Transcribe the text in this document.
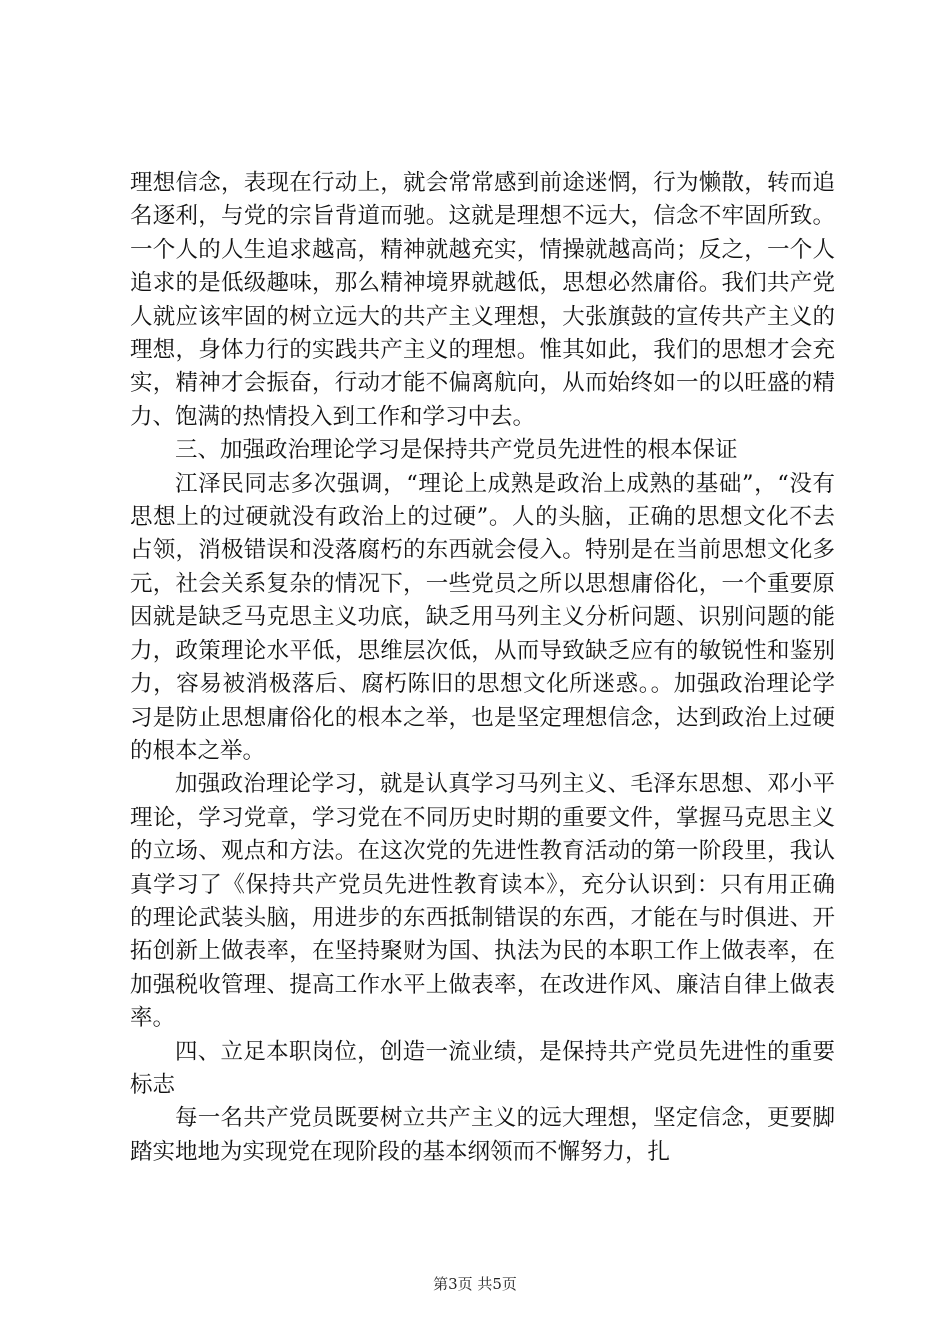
理想信念，表现在行动上，就会常常感到前途迷惘，行为懒散，转而追名逐利，与党的宗旨背道而驰。这就是理想不远大，信念不牢固所致。一个人的人生追求越高，精神就越充实，情操就越高尚；反之，一个人追求的是低级趣味，那么精神境界就越低，思想必然庸俗。我们共产党人就应该牢固的树立远大的共产主义理想，大张旗鼓的宣传共产主义的理想，身体力行的实践共产主义的理想。惟其如此，我们的思想才会充实，精神才会振奋，行动才能不偏离航向，从而始终如一的以旺盛的精力、饱满的热情投入到工作和学习中去。

三、加强政治理论学习是保持共产党员先进性的根本保证

江泽民同志多次强调，“理论上成熟是政治上成熟的基础”，“没有思想上的过硬就没有政治上的过硬”。人的头脑，正确的思想文化不去占领，消极错误和没落腐朽的东西就会侵入。特别是在当前思想文化多元，社会关系复杂的情况下，一些党员之所以思想庸俗化，一个重要原因就是缺乏马克思主义功底，缺乏用马列主义分析问题、识别问题的能力，政策理论水平低，思维层次低，从而导致缺乏应有的敏锐性和鉴别力，容易被消极落后、腐朽陈旧的思想文化所迷惑。。加强政治理论学习是防止思想庸俗化的根本之举，也是坚定理想信念，达到政治上过硬的根本之举。

加强政治理论学习，就是认真学习马列主义、毛泽东思想、邓小平理论，学习党章，学习党在不同历史时期的重要文件，掌握马克思主义的立场、观点和方法。在这次党的先进性教育活动的第一阶段里，我认真学习了《保持共产党员先进性教育读本》，充分认识到：只有用正确的理论武装头脑，用进步的东西抵制错误的东西，才能在与时俱进、开拓创新上做表率，在坚持聚财为国、执法为民的本职工作上做表率，在加强税收管理、提高工作水平上做表率，在改进作风、廉洁自律上做表率。

四、立足本职岗位，创造一流业绩，是保持共产党员先进性的重要标志

每一名共产党员既要树立共产主义的远大理想，坚定信念，更要脚踏实地地为实现党在现阶段的基本纲领而不懈努力，扎

第3页 共5页
